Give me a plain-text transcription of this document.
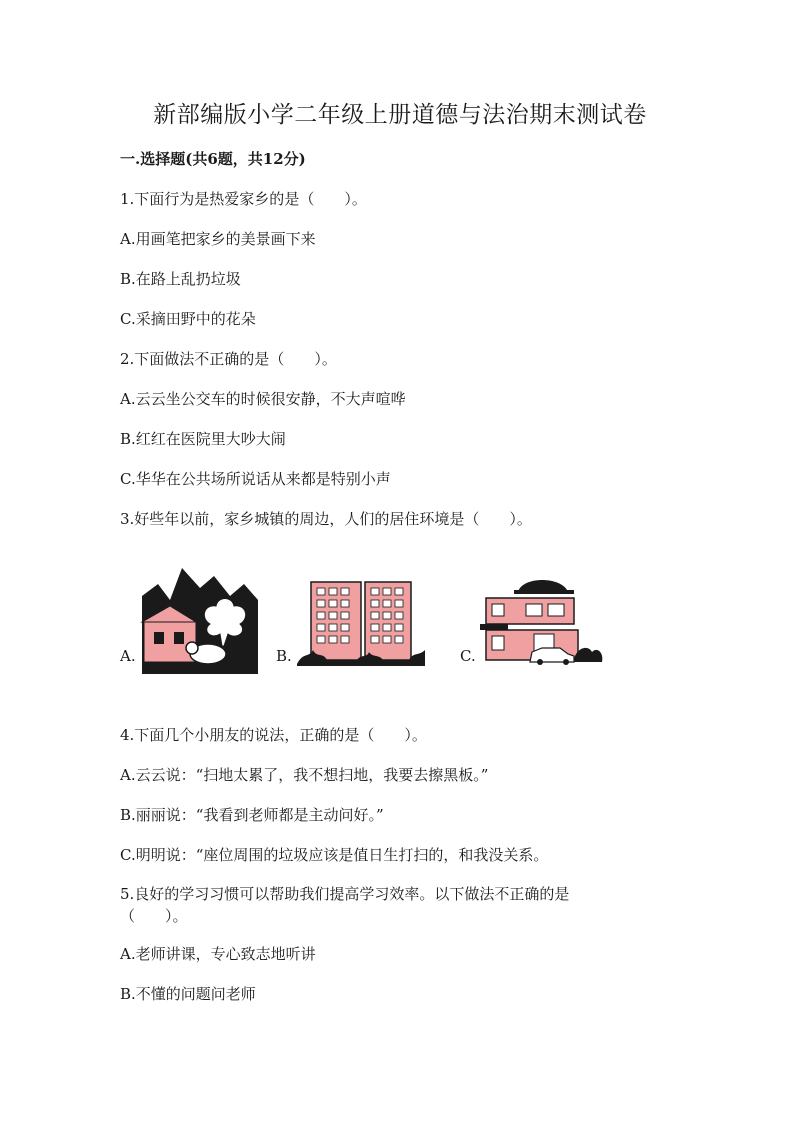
新部编版小学二年级上册道德与法治期末测试卷
一.选择题(共6题，共12分)
1.下面行为是热爱家乡的是（　　）。
A.用画笔把家乡的美景画下来
B.在路上乱扔垃圾
C.采摘田野中的花朵
2.下面做法不正确的是（　　）。
A.云云坐公交车的时候很安静，不大声喧哗
B.红红在医院里大吵大闹
C.华华在公共场所说话从来都是特别小声
3.好些年以前，家乡城镇的周边，人们的居住环境是（　　）。
A.	B.	C.
4.下面几个小朋友的说法，正确的是（　　）。
A.云云说：“扫地太累了，我不想扫地，我要去擦黑板。”
B.丽丽说：“我看到老师都是主动问好。”
C.明明说：“座位周围的垃圾应该是值日生打扫的，和我没关系。
5.良好的学习习惯可以帮助我们提高学习效率。以下做法不正确的是
（　　）。
A.老师讲课，专心致志地听讲
B.不懂的问题问老师
